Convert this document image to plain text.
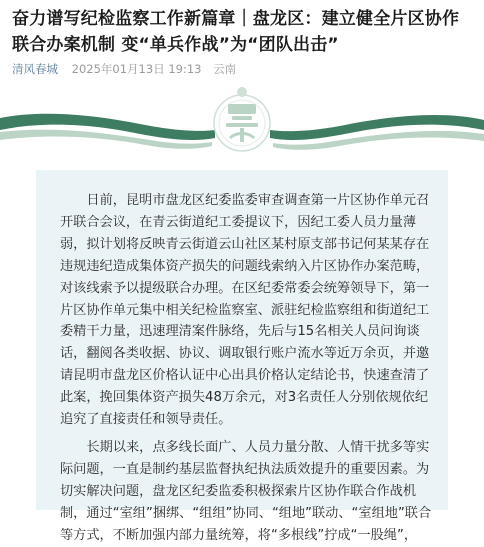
奋力谱写纪检监察工作新篇章｜盘龙区：建立健全片区协作联合办案机制 变“单兵作战”为“团队出击”
清风春城 2025年01月13日 19:13 云南

日前，昆明市盘龙区纪委监委审查调查第一片区协作单元召开联合会议，在青云街道纪工委提议下，因纪工委人员力量薄弱，拟计划将反映青云街道云山社区某村原支部书记何某某存在违规违纪造成集体资产损失的问题线索纳入片区协作办案范畴，对该线索予以提级联合办理。在区纪委常委会统筹领导下，第一片区协作单元集中相关纪检监察室、派驻纪检监察组和街道纪工委精干力量，迅速理清案件脉络，先后与15名相关人员问询谈话，翻阅各类收据、协议、调取银行账户流水等近万余页，并邀请昆明市盘龙区价格认证中心出具价格认定结论书，快速查清了此案，挽回集体资产损失48万余元，对3名责任人分别依规依纪追究了直接责任和领导责任。

长期以来，点多线长面广、人员力量分散、人情干扰多等实际问题，一直是制约基层监督执纪执法质效提升的重要因素。为切实解决问题，盘龙区纪委监委积极探索片区协作联合作战机制，通过“室组”捆绑、“组组”协同、“组地”联动、“室组地”联合等方式，不断加强内部力量统筹，将“多根线”拧成“一股绳”，
